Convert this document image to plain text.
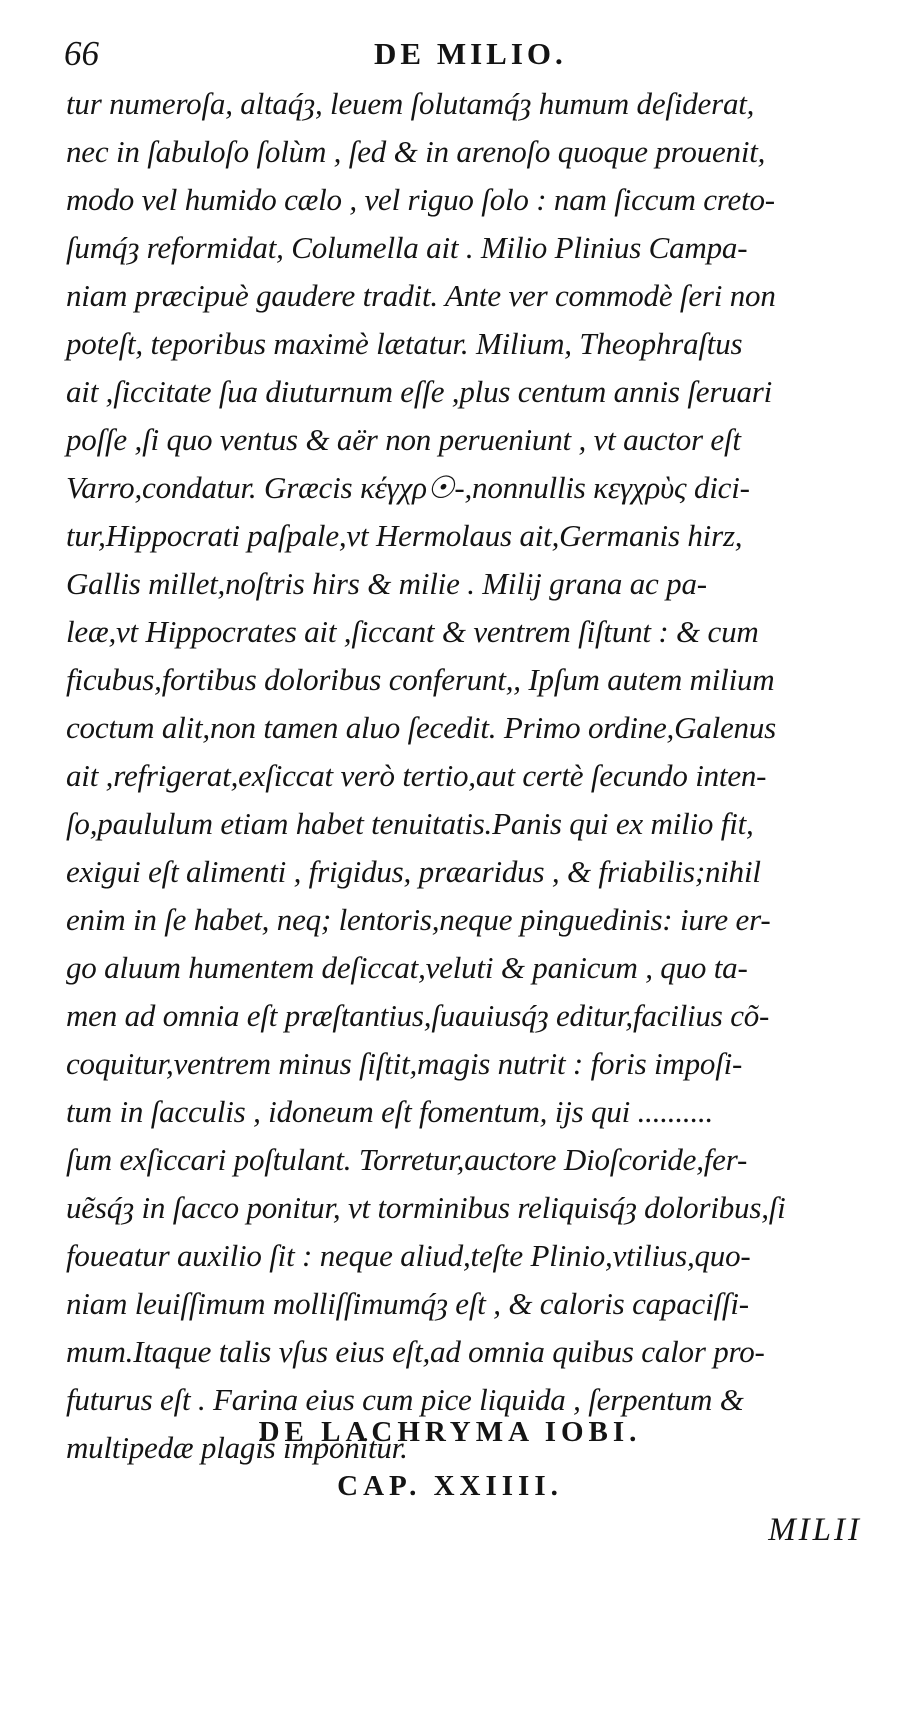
66	DE MILIO.
tur numeroſa, altaq́ȝ, leuem ſolutamq́ȝ humum deſiderat,
nec in ſabuloſo ſolùm , ſed & in arenoſo quoque prouenit,
modo vel humido cælo , vel riguo ſolo : nam ſiccum creto-
ſumq́ȝ reformidat, Columella ait . Milio Plinius Campa-
niam præcipuè gaudere tradit. Ante ver commodè ſeri non
poteſt, teporibus maximè lætatur. Milium, Theophraſtus
ait ,ſiccitate ſua diuturnum eſſe ,plus centum annis ſeruari
poſſe ,ſi quo ventus & aër non perueniunt , vt auctor eſt
Varro,condatur. Græcis κέγχρ☉-,nonnullis κεγχρὺς dici-
tur,Hippocrati paſpale,vt Hermolaus ait,Germanis hirz,
Gallis millet,noſtris hirs & milie . Milij grana ac pa-
leæ,vt Hippocrates ait ,ſiccant & ventrem ſiſtunt : & cum
ficubus,fortibus doloribus conferunt,, Ipſum autem milium
coctum alit,non tamen aluo ſecedit. Primo ordine,Galenus
ait ,refrigerat,exſiccat verò tertio,aut certè ſecundo inten-
ſo,paululum etiam habet tenuitatis.Panis qui ex milio fit,
exigui eſt alimenti , frigidus, præaridus , & friabilis;nihil
enim in ſe habet, neq; lentoris,neque pinguedinis: iure er-
go aluum humentem deſiccat,veluti & panicum , quo ta-
men ad omnia eſt præſtantius,ſuauiusq́ȝ editur,facilius cõ-
coquitur,ventrem minus ſiſtit,magis nutrit : foris impoſi-
tum in ſacculis , idoneum eſt fomentum, ijs qui ..........
ſum exſiccari poſtulant. Torretur,auctore Dioſcoride,fer-
uẽsq́ȝ in ſacco ponitur, vt torminibus reliquisq́ȝ doloribus,ſi
foueatur auxilio ſit : neque aliud,teſte Plinio,vtilius,quo-
niam leuiſſimum molliſſimumq́ȝ eſt , & caloris capaciſſi-
mum.Itaque talis vſus eius eſt,ad omnia quibus calor pro-
futurus eſt . Farina eius cum pice liquida , ſerpentum &
multipedæ plagis imponitur.
DE LACHRYMA IOBI.
CAP. XXIIII.
MILII
